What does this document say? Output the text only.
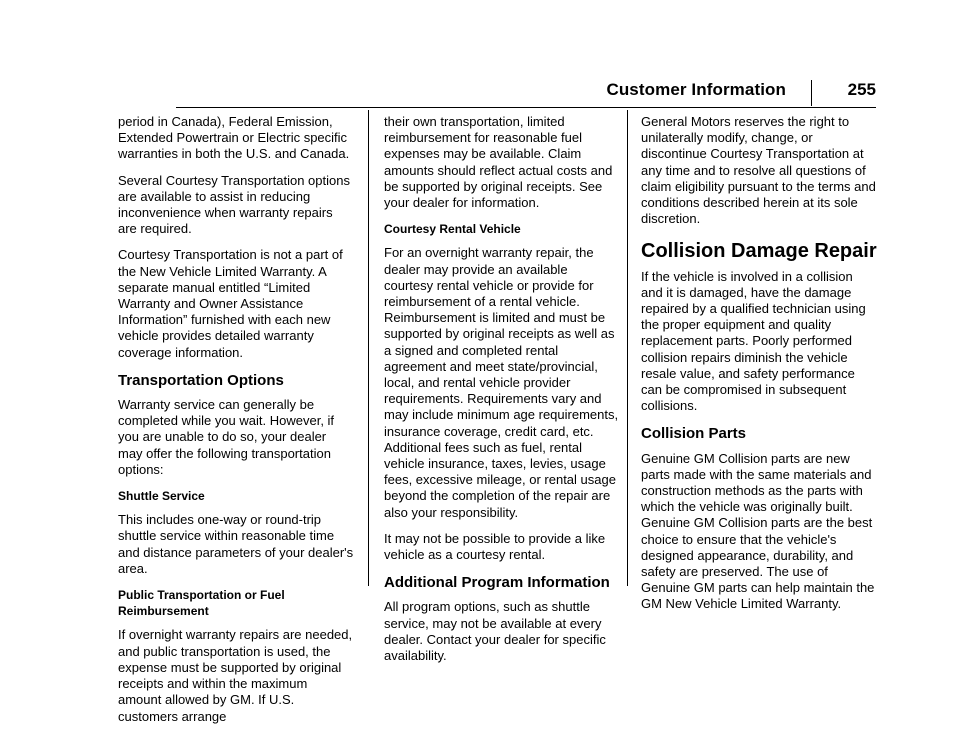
Customer Information	255

period in Canada), Federal Emission, Extended Powertrain or Electric specific warranties in both the U.S. and Canada.

Several Courtesy Transportation options are available to assist in reducing inconvenience when warranty repairs are required.

Courtesy Transportation is not a part of the New Vehicle Limited Warranty. A separate manual entitled “Limited Warranty and Owner Assistance Information” furnished with each new vehicle provides detailed warranty coverage information.

Transportation Options

Warranty service can generally be completed while you wait. However, if you are unable to do so, your dealer may offer the following transportation options:

Shuttle Service

This includes one-way or round-trip shuttle service within reasonable time and distance parameters of your dealer's area.

Public Transportation or Fuel Reimbursement

If overnight warranty repairs are needed, and public transportation is used, the expense must be supported by original receipts and within the maximum amount allowed by GM. If U.S. customers arrange

their own transportation, limited reimbursement for reasonable fuel expenses may be available. Claim amounts should reflect actual costs and be supported by original receipts. See your dealer for information.

Courtesy Rental Vehicle

For an overnight warranty repair, the dealer may provide an available courtesy rental vehicle or provide for reimbursement of a rental vehicle. Reimbursement is limited and must be supported by original receipts as well as a signed and completed rental agreement and meet state/provincial, local, and rental vehicle provider requirements. Requirements vary and may include minimum age requirements, insurance coverage, credit card, etc. Additional fees such as fuel, rental vehicle insurance, taxes, levies, usage fees, excessive mileage, or rental usage beyond the completion of the repair are also your responsibility.

It may not be possible to provide a like vehicle as a courtesy rental.

Additional Program Information

All program options, such as shuttle service, may not be available at every dealer. Contact your dealer for specific availability.

General Motors reserves the right to unilaterally modify, change, or discontinue Courtesy Transportation at any time and to resolve all questions of claim eligibility pursuant to the terms and conditions described herein at its sole discretion.

Collision Damage Repair

If the vehicle is involved in a collision and it is damaged, have the damage repaired by a qualified technician using the proper equipment and quality replacement parts. Poorly performed collision repairs diminish the vehicle resale value, and safety performance can be compromised in subsequent collisions.

Collision Parts

Genuine GM Collision parts are new parts made with the same materials and construction methods as the parts with which the vehicle was originally built. Genuine GM Collision parts are the best choice to ensure that the vehicle's designed appearance, durability, and safety are preserved. The use of Genuine GM parts can help maintain the GM New Vehicle Limited Warranty.
